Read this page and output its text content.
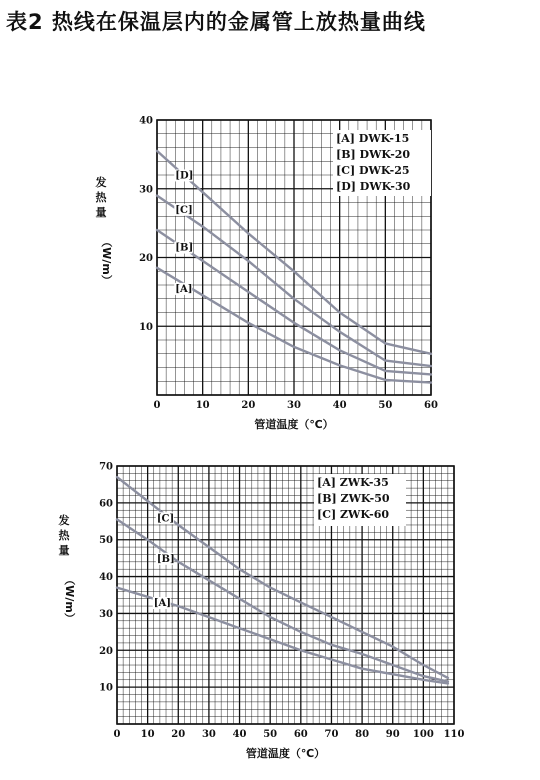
表2 热线在保温层内的金属管上放热量曲线
0	10	20	30	40	50	60
10
20
30
40
[A]
[B]
[C]
[D]
[A] DWK-15
[B] DWK-20
[C] DWK-25
[D] DWK-30
管道温度（℃）
发
热
量
（W/m）
0 10 20 30 40 50 60 70 80 90 100 110
10
20
30
40
50
60
70
[A]
[B]
[C]
[A] ZWK-35
[B] ZWK-50
[C] ZWK-60
管道温度（℃）
发
热
量
（W/m）
